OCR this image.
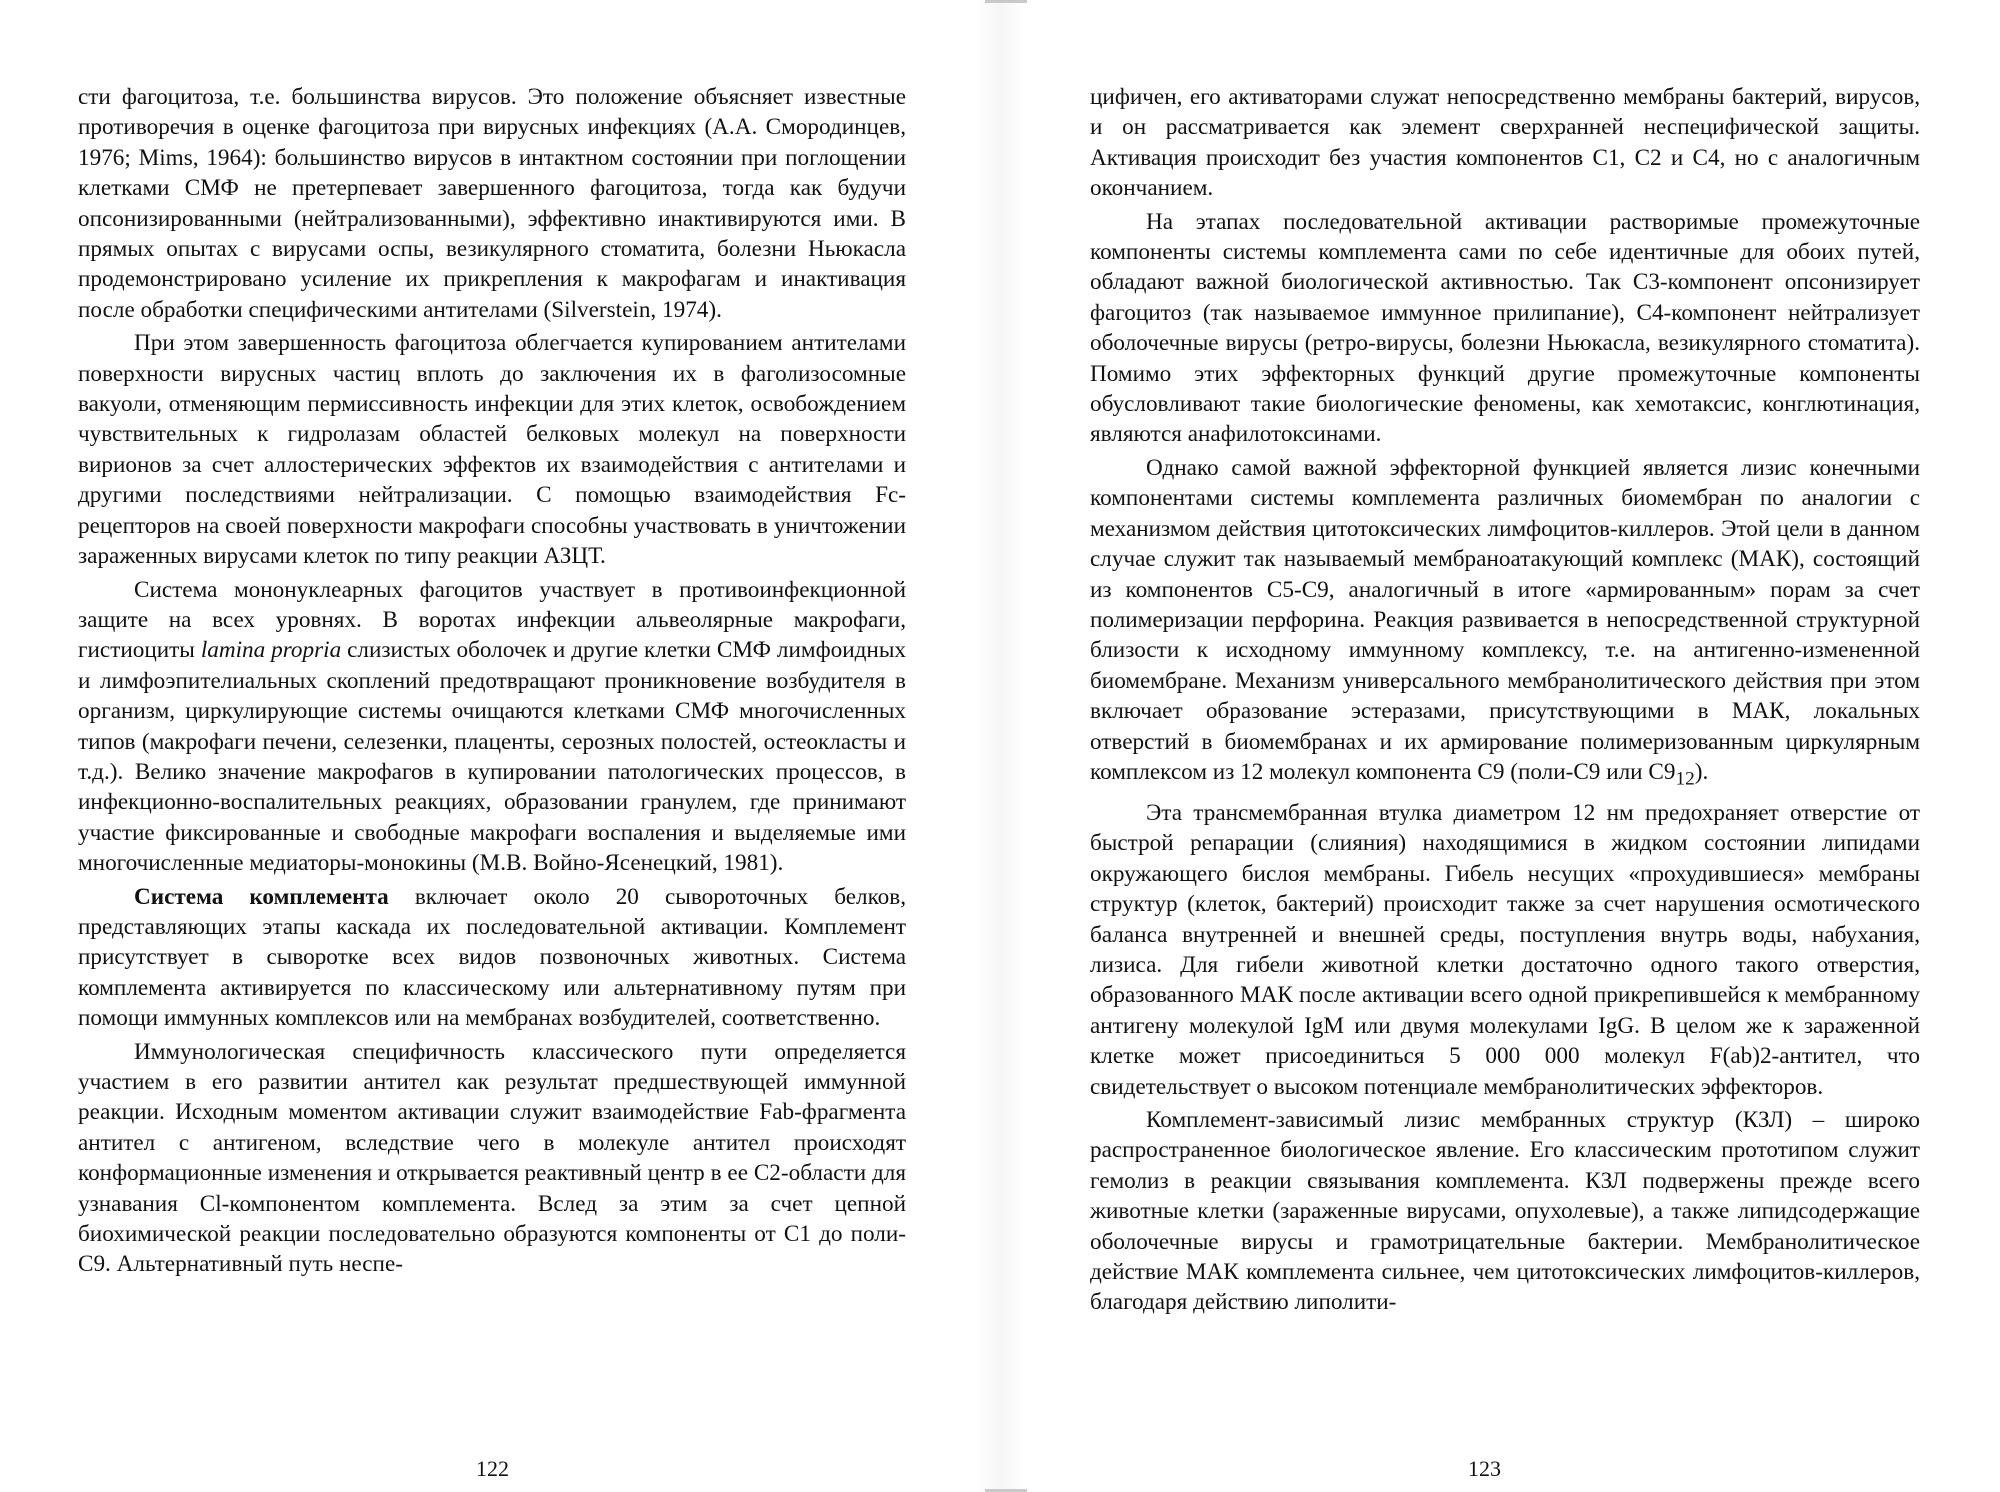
сти фагоцитоза, т.е. большинства вирусов. Это положение объясняет известные противоречия в оценке фагоцитоза при вирусных инфекциях (А.А. Смородинцев, 1976; Mims, 1964): большинство вирусов в интактном состоянии при поглощении клетками СМФ не претерпевает завершенного фагоцитоза, тогда как будучи опсонизированными (нейтрализованными), эффективно инактивируются ими. В прямых опытах с вирусами оспы, везикулярного стоматита, болезни Ньюкасла продемонстрировано усиление их прикрепления к макрофагам и инактивация после обработки специфическими антителами (Silverstein, 1974).

При этом завершенность фагоцитоза облегчается купированием антителами поверхности вирусных частиц вплоть до заключения их в фаголизосомные вакуоли, отменяющим пермиссивность инфекции для этих клеток, освобождением чувствительных к гидролазам областей белковых молекул на поверхности вирионов за счет аллостерических эффектов их взаимодействия с антителами и другими последствиями нейтрализации. С помощью взаимодействия Fc-рецепторов на своей поверхности макрофаги способны участвовать в уничтожении зараженных вирусами клеток по типу реакции АЗЦТ.

Система мононуклеарных фагоцитов участвует в противоинфекционной защите на всех уровнях. В воротах инфекции альвеолярные макрофаги, гистиоциты lamina propria слизистых оболочек и другие клетки СМФ лимфоидных и лимфоэпителиальных скоплений предотвращают проникновение возбудителя в организм, циркулирующие системы очищаются клетками СМФ многочисленных типов (макрофаги печени, селезенки, плаценты, серозных полостей, остеокласты и т.д.). Велико значение макрофагов в купировании патологических процессов, в инфекционно-воспалительных реакциях, образовании гранулем, где принимают участие фиксированные и свободные макрофаги воспаления и выделяемые ими многочисленные медиаторы-монокины (М.В. Войно-Ясенецкий, 1981).

Система комплемента включает около 20 сывороточных белков, представляющих этапы каскада их последовательной активации. Комплемент присутствует в сыворотке всех видов позвоночных животных. Система комплемента активируется по классическому или альтернативному путям при помощи иммунных комплексов или на мембранах возбудителей, соответственно.

Иммунологическая специфичность классического пути определяется участием в его развитии антител как результат предшествующей иммунной реакции. Исходным моментом активации служит взаимодействие Fab-фрагмента антител с антигеном, вследствие чего в молекуле антител происходят конформационные изменения и открывается реактивный центр в ее С2-области для узнавания Cl-компонентом комплемента. Вслед за этим за счет цепной биохимической реакции последовательно образуются компоненты от C1 до поли-С9. Альтернативный путь неспе-

122

цифичен, его активаторами служат непосредственно мембраны бактерий, вирусов, и он рассматривается как элемент сверхранней неспецифической защиты. Активация происходит без участия компонентов C1, C2 и C4, но с аналогичным окончанием.

На этапах последовательной активации растворимые промежуточные компоненты системы комплемента сами по себе идентичные для обоих путей, обладают важной биологической активностью. Так С3-компонент опсонизирует фагоцитоз (так называемое иммунное прилипание), С4-компонент нейтрализует оболочечные вирусы (ретро-вирусы, болезни Ньюкасла, везикулярного стоматита). Помимо этих эффекторных функций другие промежуточные компоненты обусловливают такие биологические феномены, как хемотаксис, конглютинация, являются анафилотоксинами.

Однако самой важной эффекторной функцией является лизис конечными компонентами системы комплемента различных биомембран по аналогии с механизмом действия цитотоксических лимфоцитов-киллеров. Этой цели в данном случае служит так называемый мембраноатакующий комплекс (МАК), состоящий из компонентов С5-С9, аналогичный в итоге «армированным» порам за счет полимеризации перфорина. Реакция развивается в непосредственной структурной близости к исходному иммунному комплексу, т.е. на антигенно-измененной биомембране. Механизм универсального мембранолитического действия при этом включает образование эстеразами, присутствующими в МАК, локальных отверстий в биомембранах и их армирование полимеризованным циркулярным комплексом из 12 молекул компонента С9 (поли-С9 или $С9_{12}$).

Эта трансмембранная втулка диаметром 12 нм предохраняет отверстие от быстрой репарации (слияния) находящимися в жидком состоянии липидами окружающего бислоя мембраны. Гибель несущих «прохудившиеся» мембраны структур (клеток, бактерий) происходит также за счет нарушения осмотического баланса внутренней и внешней среды, поступления внутрь воды, набухания, лизиса. Для гибели животной клетки достаточно одного такого отверстия, образованного МАК после активации всего одной прикрепившейся к мембранному антигену молекулой IgM или двумя молекулами IgG. В целом же к зараженной клетке может присоединиться 5 000 000 молекул F(ab)2-антител, что свидетельствует о высоком потенциале мембранолитических эффекторов.

Комплемент-зависимый лизис мембранных структур (КЗЛ) – широко распространенное биологическое явление. Его классическим прототипом служит гемолиз в реакции связывания комплемента. КЗЛ подвержены прежде всего животные клетки (зараженные вирусами, опухолевые), а также липидсодержащие оболочечные вирусы и грамотрицательные бактерии. Мембранолитическое действие МАК комплемента сильнее, чем цитотоксических лимфоцитов-киллеров, благодаря действию липолити-

123
